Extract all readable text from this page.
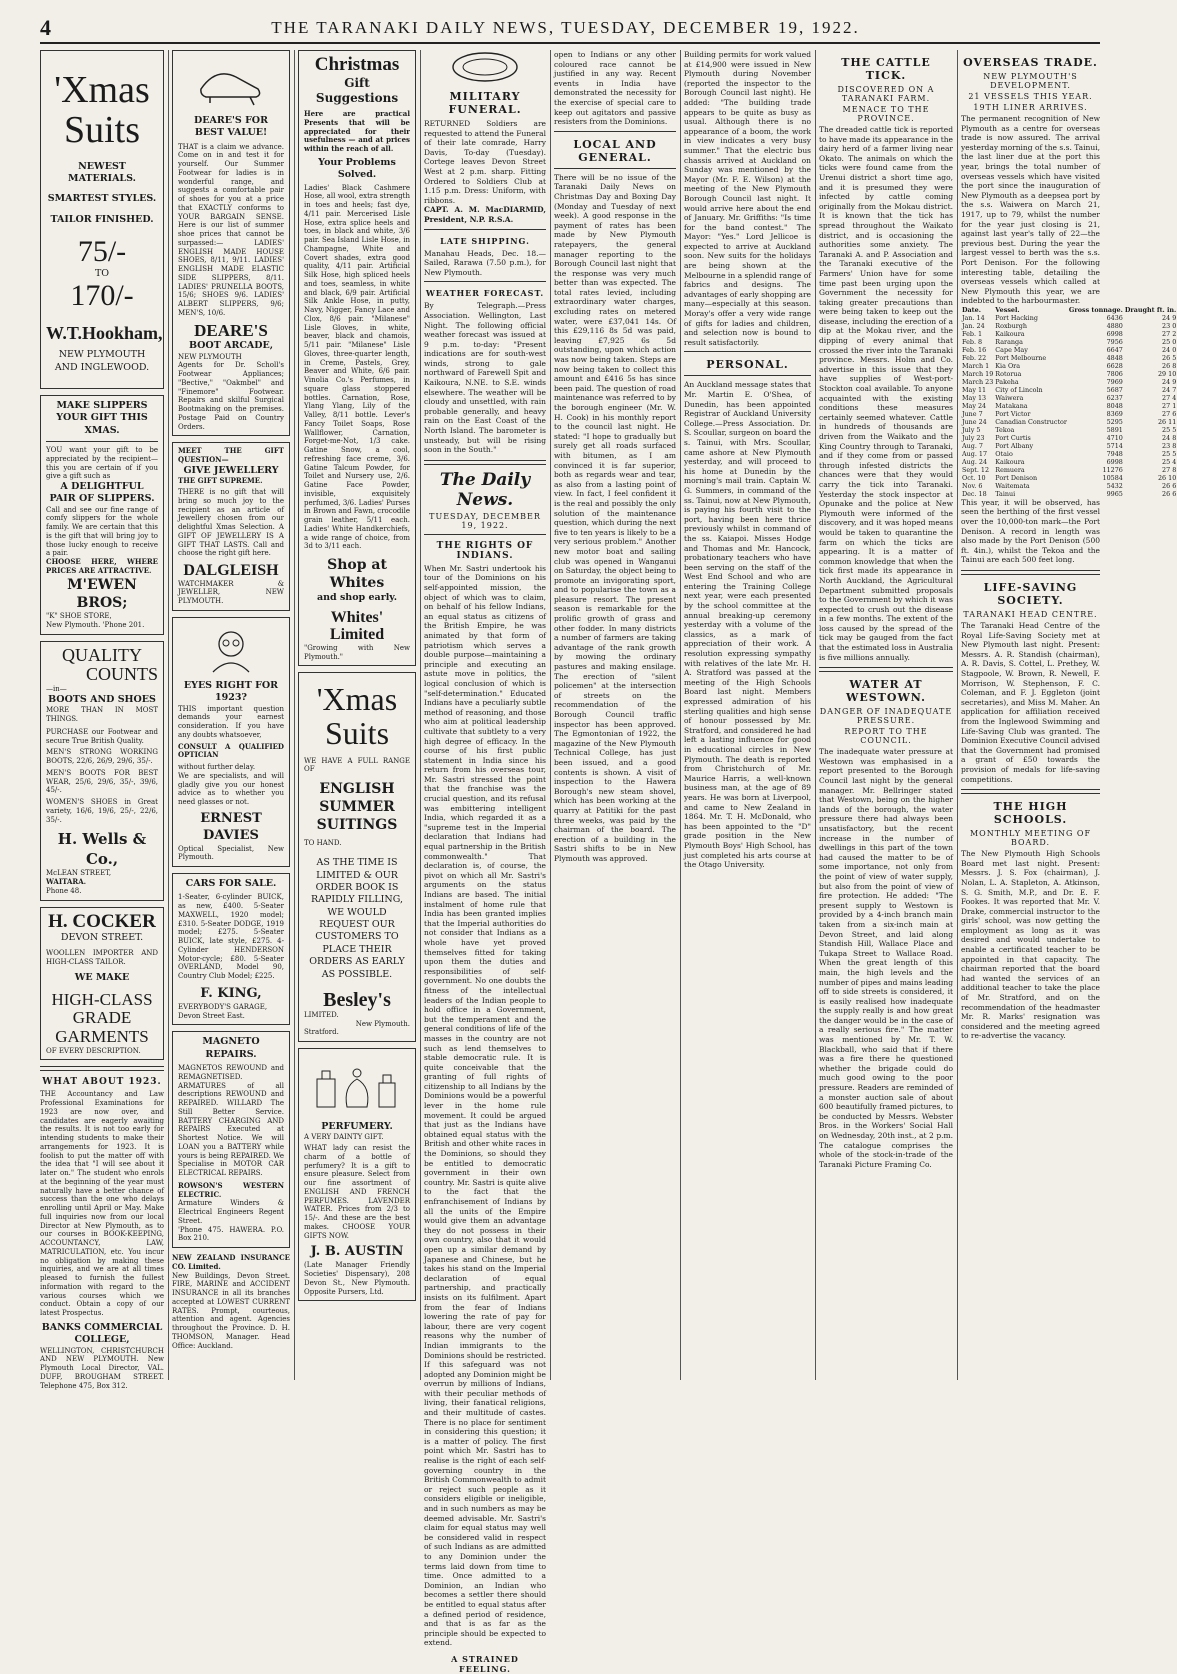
4	THE TARANAKI DAILY NEWS, TUESDAY, DECEMBER 19, 1922.
'Xmas
Suits
NEWEST MATERIALS.
SMARTEST STYLES.
TAILOR FINISHED.
75/-
TO
170/-
W.T.Hookham,
NEW PLYMOUTH
AND INGLEWOOD.
MAKE SLIPPERS YOUR GIFT THIS XMAS.
YOU want your gift to be appreciated by the recipient—this you are certain of if you give a gift such as
A DELIGHTFUL PAIR OF SLIPPERS.
Call and see our fine range of comfy slippers for the whole family. We are certain that this is the gift that will bring joy to those lucky enough to receive a pair.
CHOOSE HERE, WHERE PRICES ARE ATTRACTIVE.
M'EWEN BROS;
"K" SHOE STORE,
New Plymouth. 'Phone 201.
QUALITY
COUNTS
—in—
BOOTS AND SHOES
MORE THAN IN MOST THINGS.
PURCHASE our Footwear and secure True British Quality.
MEN'S STRONG WORKING BOOTS, 22/6, 26/9, 29/6, 35/-.
MEN'S BOOTS FOR BEST WEAR, 25/6, 29/6, 35/-, 39/6, 45/-.
WOMEN'S SHOES in Great variety, 16/6, 19/6, 25/-, 22/6, 35/-.
H. Wells & Co.,
McLEAN STREET,
WAITARA.
Phone 48.
H. COCKER
DEVON STREET.
WOOLLEN IMPORTER AND HIGH-CLASS TAILOR.
WE MAKE
HIGH-CLASS
GRADE
GARMENTS
OF EVERY DESCRIPTION.
WHAT ABOUT 1923.
THE Accountancy and Law Professional Examinations for 1923 are now over, and candidates are eagerly awaiting the results. It is not too early for intending students to make their arrangements for 1923. It is foolish to put the matter off with the idea that "I will see about it later on." The student who enrols at the beginning of the year must naturally have a better chance of success than the one who delays enrolling until April or May. Make full inquiries now from our local Director at New Plymouth, as to our courses in BOOK-KEEPING, ACCOUNTANCY, LAW, MATRICULATION, etc. You incur no obligation by making these inquiries, and we are at all times pleased to furnish the fullest information with regard to the various courses which we conduct. Obtain a copy of our latest Prospectus.
BANKS COMMERCIAL COLLEGE,
WELLINGTON, CHRISTCHURCH AND NEW PLYMOUTH. New Plymouth Local Director, VAL. DUFF, BROUGHAM STREET. Telephone 475, Box 312.
DEARE'S FOR
BEST VALUE!
THAT is a claim we advance. Come on in and test it for yourself. Our Summer Footwear for ladies is in wonderful range, and suggests a comfortable pair of shoes for you at a price that EXACTLY conforms to YOUR BARGAIN SENSE. Here is our list of summer shoe prices that cannot be surpassed:— LADIES' ENGLISH MADE HOUSE SHOES, 8/11, 9/11. LADIES' ENGLISH MADE ELASTIC SIDE SLIPPERS, 8/11. LADIES' PRUNELLA BOOTS, 15/6; SHOES 9/6. LADIES' ALBERT SLIPPERS, 9/6; MEN'S, 10/6.
DEARE'S
BOOT ARCADE,
NEW PLYMOUTH
Agents for Dr. Scholl's Footwear Appliances; "Bective," "Oakmbel" and "Finemore" Footwear. Repairs and skilful Surgical Bootmaking on the premises. Postage Paid on Country Orders.
MEET THE GIFT QUESTION—
GIVE JEWELLERY
THE GIFT SUPREME.
THERE is no gift that will bring so much joy to the recipient as an article of Jewellery chosen from our delightful Xmas Selection. A GIFT OF JEWELLERY IS A GIFT THAT LASTS. Call and choose the right gift here.
DALGLEISH
WATCHMAKER & JEWELLER, NEW PLYMOUTH.
EYES RIGHT FOR 1923?
THIS important question demands your earnest consideration. If you have any doubts whatsoever,
CONSULT A QUALIFIED OPTICIAN
without further delay.
We are specialists, and will gladly give you our honest advice as to whether you need glasses or not.
ERNEST DAVIES
Optical Specialist, New Plymouth.
CARS FOR SALE.
1-Seater, 6-cylinder BUICK, as new, £400. 5-Seater MAXWELL, 1920 model; £310. 5-Seater DODGE, 1919 model; £275. 5-Seater BUICK, late style, £275. 4-Cylinder HENDERSON Motor-cycle; £80. 5-Seater OVERLAND, Model 90, Country Club Model; £225.
F. KING,
EVERYBODY'S GARAGE,
Devon Street East.
MAGNETO REPAIRS.
MAGNETOS REWOUND and REMAGNETISED. ARMATURES of all descriptions REWOUND and REPAIRED. WILLARD The Still Better Service. BATTERY CHARGING AND REPAIRS Executed at Shortest Notice. We will LOAN you a BATTERY while yours is being REPAIRED. We Specialise in MOTOR CAR ELECTRICAL REPAIRS.
ROWSON'S WESTERN ELECTRIC.
Armature Winders & Electrical Engineers Regent Street.
'Phone 475. HAWERA. P.O. Box 210.
NEW ZEALAND INSURANCE CO. Limited.
New Buildings, Devon Street. FIRE, MARINE and ACCIDENT INSURANCE in all its branches accepted at LOWEST CURRENT RATES. Prompt, courteous, attention and agent. Agencies throughout the Province. D. H. THOMSON, Manager. Head Office: Auckland.
Christmas
Gift Suggestions
Here are practical Presents that will be appreciated for their usefulness — and at prices within the reach of all.
Your Problems Solved.
Ladies' Black Cashmere Hose, all wool, extra strength in toes and heels; fast dye, 4/11 pair. Mercerised Lisle Hose, extra splice heels and toes, in black and white, 3/6 pair. Sea Island Lisle Hose, in Champagne, White and Covert shades, extra good quality, 4/11 pair. Artificial Silk Hose, high spliced heels and toes, seamless, in white and black, 6/9 pair. Artificial Silk Ankle Hose, in putty, Navy, Nigger, Fancy Lace and Clox, 8/6 pair. "Milanese" Lisle Gloves, in white, beaver, black and chamois, 5/11 pair. "Milanese" Lisle Gloves, three-quarter length, in Creme, Pastels, Grey, Beaver and White, 6/6 pair. Vinolia Co.'s Perfumes, in square glass stoppered bottles. Carnation, Rose, Ylang Ylang, Lily of the Valley, 8/11 bottle. Lever's Fancy Toilet Soaps, Rose Wallflower, Carnation, Forget-me-Not, 1/3 cake. Gatine Snow, a cool, refreshing face creme, 3/6. Gatine Talcum Powder, for Toilet and Nursery use, 2/6. Gatine Face Powder, invisible, exquisitely perfumed, 3/6. Ladies' Purses in Brown and Fawn, crocodile grain leather, 5/11 each. Ladies' White Handkerchiefs, a wide range of choice, from 3d to 3/11 each.
Shop at Whites
and shop early.
Whites' Limited
"Growing with New Plymouth."
'Xmas
Suits
WE HAVE A FULL RANGE OF
ENGLISH SUMMER SUITINGS
TO HAND.
AS THE TIME IS LIMITED & OUR ORDER BOOK IS RAPIDLY FILLING, WE WOULD REQUEST OUR CUSTOMERS TO PLACE THEIR ORDERS AS EARLY AS POSSIBLE.
Besley's
LIMITED.
New Plymouth.
Stratford.
PERFUMERY.
A VERY DAINTY GIFT.
WHAT lady can resist the charm of a bottle of perfumery? It is a gift to ensure pleasure. Select from our fine assortment of ENGLISH AND FRENCH PERFUMES. LAVENDER WATER. Prices from 2/3 to 15/-. And these are the best makes. CHOOSE YOUR GIFTS NOW.
J. B. AUSTIN
(Late Manager Friendly Societies' Dispensary), 208 Devon St., New Plymouth. Opposite Pursers, Ltd.
MILITARY FUNERAL.
RETURNED Soldiers are requested to attend the Funeral of their late comrade, Harry Davis, To-day (Tuesday). Cortege leaves Devon Street West at 2 p.m. sharp. Fitting Ordered to Soldiers Club at 1.15 p.m. Dress: Uniform, with ribbons.
CAPT. A. M. MacDIARMID, President, N.P. R.S.A.
LATE SHIPPING.
Manahau Heads, Dec. 18.—Sailed, Rarawa (7.50 p.m.), for New Plymouth.
WEATHER FORECAST.
By Telegraph.—Press Association. Wellington, Last Night. The following official weather forecast was issued at 9 p.m. to-day: "Present indications are for south-west winds, strong to gale northward of Farewell Spit and Kaikoura, N.NE. to S.E. winds elsewhere. The weather will be cloudy and unsettled, with rain probable generally, and heavy rain on the East Coast of the North Island. The barometer is unsteady, but will be rising soon in the South."
The Daily News.
TUESDAY, DECEMBER 19, 1922.
THE RIGHTS OF INDIANS.
When Mr. Sastri undertook his tour of the Dominions on his self-appointed mission, the object of which was to claim, on behalf of his fellow Indians, an equal status as citizens of the British Empire, he was animated by that form of patriotism which serves a double purpose—maintaining a principle and executing an astute move in politics, the logical conclusion of which is "self-determination." Educated Indians have a peculiarly subtle method of reasoning, and those who aim at political leadership cultivate that subtlety to a very high degree of efficacy. In the course of his first public statement in India since his return from his overseas tour, Mr. Sastri stressed the point that the franchise was the crucial question, and its refusal was embittering intelligent India, which regarded it as a "supreme test in the Imperial declaration that Indians had equal partnership in the British commonwealth." That declaration is, of course, the pivot on which all Mr. Sastri's arguments on the status Indians are based. The initial instalment of home rule that India has been granted implies that the Imperial authorities do not consider that Indians as a whole have yet proved themselves fitted for taking upon them the duties and responsibilities of self-government. No one doubts the fitness of the intellectual leaders of the Indian people to hold office in a Government, but the temperament and the general conditions of life of the masses in the country are not such as lend themselves to stable democratic rule. It is quite conceivable that the granting of full rights of citizenship to all Indians by the Dominions would be a powerful lever in the home rule movement. It could be argued that just as the Indians have obtained equal status with the British and other white races in the Dominions, so should they be entitled to democratic government in their own country. Mr. Sastri is quite alive to the fact that the enfranchisement of Indians by all the units of the Empire would give them an advantage they do not possess in their own country, also that it would open up a similar demand by Japanese and Chinese, but he takes his stand on the Imperial declaration of equal partnership, and practically insists on its fulfilment. Apart from the fear of Indians lowering the rate of pay for labour, there are very cogent reasons why the number of Indian immigrants to the Dominions should be restricted. If this safeguard was not adopted any Dominion might be overrun by millions of Indians, with their peculiar methods of living, their fanatical religions, and their multitude of castes. There is no place for sentiment in considering this question; it is a matter of policy. The first point which Mr. Sastri has to realise is the right of each self-governing country in the British Commonwealth to admit or reject such people as it considers eligible or ineligible, and in such numbers as may be deemed advisable. Mr. Sastri's claim for equal status may well be considered valid in respect of such Indians as are admitted to any Dominion under the terms laid down from time to time. Once admitted to a Dominion, an Indian who becomes a settler there should be entitled to equal status after a defined period of residence, and that is as far as the principle should be expected to extend.
A STRAINED FEELING.
open to Indians or any other coloured race cannot be justified in any way. Recent events in India have demonstrated the necessity for the exercise of special care to keep out agitators and passive resisters from the Dominions.
LOCAL AND GENERAL.
There will be no issue of the Taranaki Daily News on Christmas Day and Boxing Day (Monday and Tuesday of next week). A good response in the payment of rates has been made by New Plymouth ratepayers, the general manager reporting to the Borough Council last night that the response was very much better than was expected. The total rates levied, including extraordinary water charges, excluding rates on metered water, were £37,041 14s. Of this £29,116 8s 5d was paid, leaving £7,925 6s 5d outstanding, upon which action was now being taken. Steps are now being taken to collect this amount and £416 5s has since been paid. The question of road maintenance was referred to by the borough engineer (Mr. W. H. Cook) in his monthly report to the council last night. He stated: "I hope to gradually but surely get all roads surfaced with bitumen, as I am convinced it is far superior, both as regards wear and tear, as also from a lasting point of view. In fact, I feel confident it is the real and possibly the only solution of the maintenance question, which during the next five to ten years is likely to be a very serious problem." Another new motor boat and sailing club was opened in Wanganui on Saturday, the object being to promote an invigorating sport, and to popularise the town as a pleasure resort. The present season is remarkable for the prolific growth of grass and other fodder. In many districts a number of farmers are taking advantage of the rank growth by mowing the ordinary pastures and making ensilage. The erection of "silent policemen" at the intersection of streets on the recommendation of the Borough Council traffic inspector has been approved. The Egmontonian of 1922, the magazine of the New Plymouth Technical College, has just been issued, and a good contents is shown. A visit of inspection to the Hawera Borough's new steam shovel, which has been working at the quarry at Patitiki for the past three weeks, was paid by the chairman of the board. The erection of a building in the Sastri shifts to be in New Plymouth was approved.
Building permits for work valued at £14,900 were issued in New Plymouth during November (reported the inspector to the Borough Council last night). He added: "The building trade appears to be quite as busy as usual. Although there is no appearance of a boom, the work in view indicates a very busy summer." That the electric bus chassis arrived at Auckland on Sunday was mentioned by the Mayor (Mr. F. E. Wilson) at the meeting of the New Plymouth Borough Council last night. It would arrive here about the end of January. Mr. Griffiths: "Is time for the band contest." The Mayor: "Yes." Lord Jellicoe is expected to arrive at Auckland soon. New suits for the holidays are being shown at the Melbourne in a splendid range of fabrics and designs. The advantages of early shopping are many—especially at this season. Moray's offer a very wide range of gifts for ladies and children, and selection now is bound to result satisfactorily.
PERSONAL.
An Auckland message states that Mr. Martin E. O'Shea, of Dunedin, has been appointed Registrar of Auckland University College.—Press Association. Dr. S. Scoullar, surgeon on board the s. Tainui, with Mrs. Scoullar, came ashore at New Plymouth yesterday, and will proceed to his home at Dunedin by the morning's mail train. Captain W. G. Summers, in command of the ss. Tainui, now at New Plymouth, is paying his fourth visit to the port, having been here thrice previously whilst in command of the ss. Kaiapoi. Misses Hodge and Thomas and Mr. Hancock, probationary teachers who have been serving on the staff of the West End School and who are entering the Training College next year, were each presented by the school committee at the annual breaking-up ceremony yesterday with a volume of the classics, as a mark of appreciation of their work. A resolution expressing sympathy with relatives of the late Mr. H. A. Stratford was passed at the meeting of the High Schools Board last night. Members expressed admiration of his sterling qualities and high sense of honour possessed by Mr. Stratford, and considered he had left a lasting influence for good in educational circles in New Plymouth. The death is reported from Christchurch of Mr. Maurice Harris, a well-known business man, at the age of 89 years. He was born at Liverpool, and came to New Zealand in 1864. Mr. T. H. McDonald, who has been appointed to the "D" grade position in the New Plymouth Boys' High School, has just completed his arts course at the Otago University.
THE CATTLE TICK.
DISCOVERED ON A TARANAKI FARM.
MENACE TO THE PROVINCE.
The dreaded cattle tick is reported to have made its appearance in the dairy herd of a farmer living near Okato. The animals on which the ticks were found came from the Urenui district a short time ago, and it is presumed they were infected by cattle coming originally from the Mokau district. It is known that the tick has spread throughout the Waikato district, and is occasioning the authorities some anxiety. The Taranaki A. and P. Association and the Taranaki executive of the Farmers' Union have for some time past been urging upon the Government the necessity for taking greater precautions than were being taken to keep out the disease, including the erection of a dip at the Mokau river, and the dipping of every animal that crossed the river into the Taranaki province. Messrs. Holm and Co. advertise in this issue that they have supplies of West-port-Stockton coal available. To anyone acquainted with the existing conditions these measures certainly seemed whatever. Cattle in hundreds of thousands are driven from the Waikato and the King Country through to Taranaki, and if they come from or passed through infested districts the chances were that they would carry the tick into Taranaki. Yesterday the stock inspector at Opunake and the police at New Plymouth were informed of the discovery, and it was hoped means would be taken to quarantine the farm on which the ticks are appearing. It is a matter of common knowledge that when the tick first made its appearance in North Auckland, the Agricultural Department submitted proposals to the Government by which it was expected to crush out the disease in a few months. The extent of the loss caused by the spread of the tick may be gauged from the fact that the estimated loss in Australia is five millions annually.
WATER AT WESTOWN.
DANGER OF INADEQUATE PRESSURE.
REPORT TO THE COUNCIL.
The inadequate water pressure at Westown was emphasised in a report presented to the Borough Council last night by the general manager. Mr. Bellringer stated that Westown, being on the higher lands of the borough, the water pressure there had always been unsatisfactory, but the recent increase in the number of dwellings in this part of the town had caused the matter to be of some importance, not only from the point of view of water supply, but also from the point of view of fire protection. He added: "The present supply to Westown is provided by a 4-inch branch main taken from a six-inch main at Devon Street, and laid along Standish Hill, Wallace Place and Tukapa Street to Wallace Road. When the great length of this main, the high levels and the number of pipes and mains leading off to side streets is considered, it is easily realised how inadequate the supply really is and how great the danger would be in the case of a really serious fire." The matter was mentioned by Mr. T. W. Blackball, who said that if there was a fire there he questioned whether the brigade could do much good owing to the poor pressure. Readers are reminded of a monster auction sale of about 600 beautifully framed pictures, to be conducted by Messrs. Webster Bros. in the Workers' Social Hall on Wednesday, 20th inst., at 2 p.m. The catalogue comprises the whole of the stock-in-trade of the Taranaki Picture Framing Co.
OVERSEAS TRADE.
NEW PLYMOUTH'S DEVELOPMENT.
21 VESSELS THIS YEAR.
19TH LINER ARRIVES.
The permanent recognition of New Plymouth as a centre for overseas trade is now assured. The arrival yesterday morning of the s.s. Tainui, the last liner due at the port this year, brings the total number of overseas vessels which have visited the port since the inauguration of New Plymouth as a deepsea port by the s.s. Waiwera on March 21, 1917, up to 79, whilst the number for the year just closing is 21, against last year's tally of 22—the previous best. During the year the largest vessel to berth was the s.s. Port Denison. For the following interesting table, detailing the overseas vessels which called at New Plymouth this year, we are indebted to the harbourmaster.
Date.	Vessel.	Gross tonnage.	Draught ft. in.
Jan. 14	Port Hacking	6436	24 9
Jan. 24	Roxburgh	4880	23 0
Feb. 1	Kaikoura	6998	27 2
Feb. 8	Raranga	7956	25 0
Feb. 16	Cape May	6647	24 0
Feb. 22	Port Melbourne	4848	26 5
March 1	Kia Ora	6628	26 8
March 19	Rotorua	7806	29 10
March 23	Pakeha	7969	24 9
May 11	City of Lincoln	5687	24 7
May 13	Waiwera	6237	27 4
May 24	Matakana	8048	27 1
June 7	Port Victor	8369	27 6
June 24	Canadian Constructor	5295	26 11
July 5	Tekoa	5891	25 5
July 23	Port Curtis	4710	24 8
Aug. 7	Port Albany	5714	23 8
Aug. 17	Otaio	7948	25 5
Aug. 24	Kaikoura	6998	25 4
Sept. 12	Remuera	11276	27 8
Oct. 10	Port Denison	10584	26 10
Nov. 6	Waitemata	5432	26 6
Dec. 18	Tainui	9965	26 6
This year, it will be observed, has seen the berthing of the first vessel over the 10,000-ton mark—the Port Denison. A record in length was also made by the Port Denison (500 ft. 4in.), whilst the Tekoa and the Tainui are each 500 feet long.
LIFE-SAVING SOCIETY.
TARANAKI HEAD CENTRE.
The Taranaki Head Centre of the Royal Life-Saving Society met at New Plymouth last night. Present: Messrs. A. R. Standish (chairman), A. R. Davis, S. Cottel, L. Prethey, W. Stagpoole, W. Brown, R. Newell, F. Morrison, W. Stephenson, F. C. Coleman, and F. J. Eggleton (joint secretaries), and Miss M. Maher. An application for affiliation received from the Inglewood Swimming and Life-Saving Club was granted. The Dominion Executive Council advised that the Government had promised a grant of £50 towards the provision of medals for life-saving competitions.
THE HIGH SCHOOLS.
MONTHLY MEETING OF BOARD.
The New Plymouth High Schools Board met last night. Present: Messrs. J. S. Fox (chairman), J. Nolan, L. A. Stapleton, A. Atkinson, S. G. Smith, M.P., and Dr. E. F. Fookes. It was reported that Mr. V. Drake, commercial instructor to the girls' school, was now getting the employment as long as it was desired and would undertake to enable a certificated teacher to be appointed in that capacity. The chairman reported that the board had wanted the services of an additional teacher to take the place of Mr. Stratford, and on the recommendation of the headmaster Mr. R. Marks' resignation was considered and the meeting agreed to re-advertise the vacancy.
